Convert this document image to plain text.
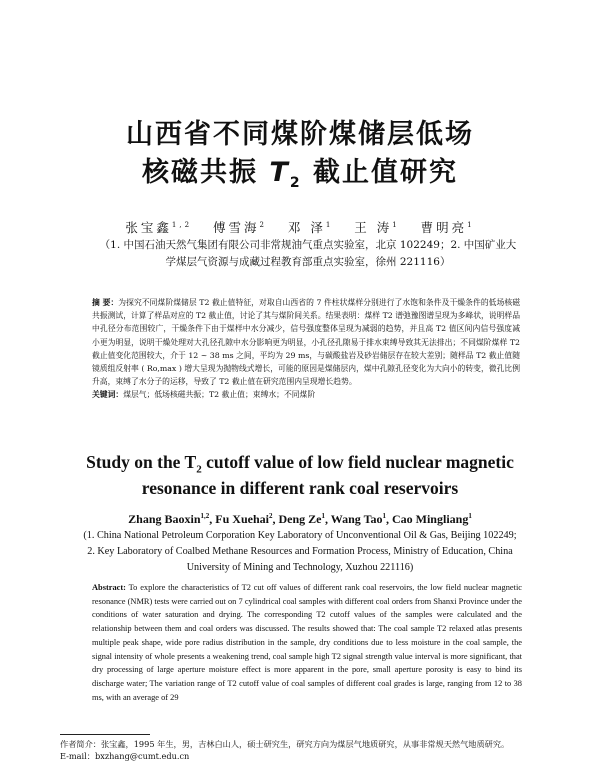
山西省不同煤阶煤储层低场
核磁共振 $T_2$ 截止值研究
张宝鑫$^{1,2}$ 傅雪海$^2$ 邓 泽$^1$ 王 涛$^1$ 曹明亮$^1$
（1. 中国石油天然气集团有限公司非常规油气重点实验室，北京 102249；2. 中国矿业大
学煤层气资源与成藏过程教育部重点实验室，徐州 221116）
摘 要：为探究不同煤阶煤储层 T2 截止值特征，对取自山西省的 7 件柱状煤样分别进行了水饱和条件及干燥条件的低场核磁共振测试，计算了样品对应的 T2 截止值，讨论了其与煤阶间关系。结果表明：煤样 T2 谱弛豫图谱呈现为多峰状，说明样品中孔径分布范围较广，干燥条件下由于煤样中水分减少，信号强度整体呈现为减弱的趋势，并且高 T2 值区间内信号强度减小更为明显，说明干燥处理对大孔径孔隙中水分影响更为明显，小孔径孔隙易于排水束缚导致其无法排出；不同煤阶煤样 T2 截止值变化范围较大，介于 12 ~ 38 ms 之间，平均为 29 ms，与碳酸盐岩及砂岩储层存在较大差别；随样品 T2 截止值随镜质组反射率 ( Ro,max ) 增大呈现为抛物线式增长，可能的原因是煤储层内，煤中孔隙孔径变化为大向小的转变，微孔比例升高，束缚了水分子的运移，导致了 T2 截止值在研究范围内呈现增长趋势。
关键词：煤层气；低场核磁共振；T2 截止值；束缚水；不同煤阶
Study on the $T_2$ cutoff value of low field nuclear magnetic
resonance in different rank coal reservoirs
Zhang Baoxin$^{1,2}$, Fu Xuehai$^2$, Deng Ze$^1$, Wang Tao$^1$, Cao Mingliang$^1$
(1. China National Petroleum Corporation Key Laboratory of Unconventional Oil & Gas, Beijing 102249;
2. Key Laboratory of Coalbed Methane Resources and Formation Process, Ministry of Education, China
University of Mining and Technology, Xuzhou 221116)
Abstract: To explore the characteristics of T2 cut off values of different rank coal reservoirs, the low field nuclear magnetic resonance (NMR) tests were carried out on 7 cylindrical coal samples with different coal orders from Shanxi Province under the conditions of water saturation and drying. The corresponding T2 cutoff values of the samples were calculated and the relationship between them and coal orders was discussed. The results showed that: The coal sample T2 relaxed atlas presents multiple peak shape, wide pore radius distribution in the sample, dry conditions due to less moisture in the coal sample, the signal intensity of whole presents a weakening trend, coal sample high T2 signal strength value interval is more significant, that dry processing of large aperture moisture effect is more apparent in the pore, small aperture porosity is easy to bind its discharge water; The variation range of T2 cutoff value of coal samples of different coal grades is large, ranging from 12 to 38 ms, with an average of 29
作者简介：张宝鑫，1995 年生，男，吉林白山人，硕士研究生，研究方向为煤层气地质研究，从事非常规天然气地质研究。
E-mail：bxzhang@cumt.edu.cn
